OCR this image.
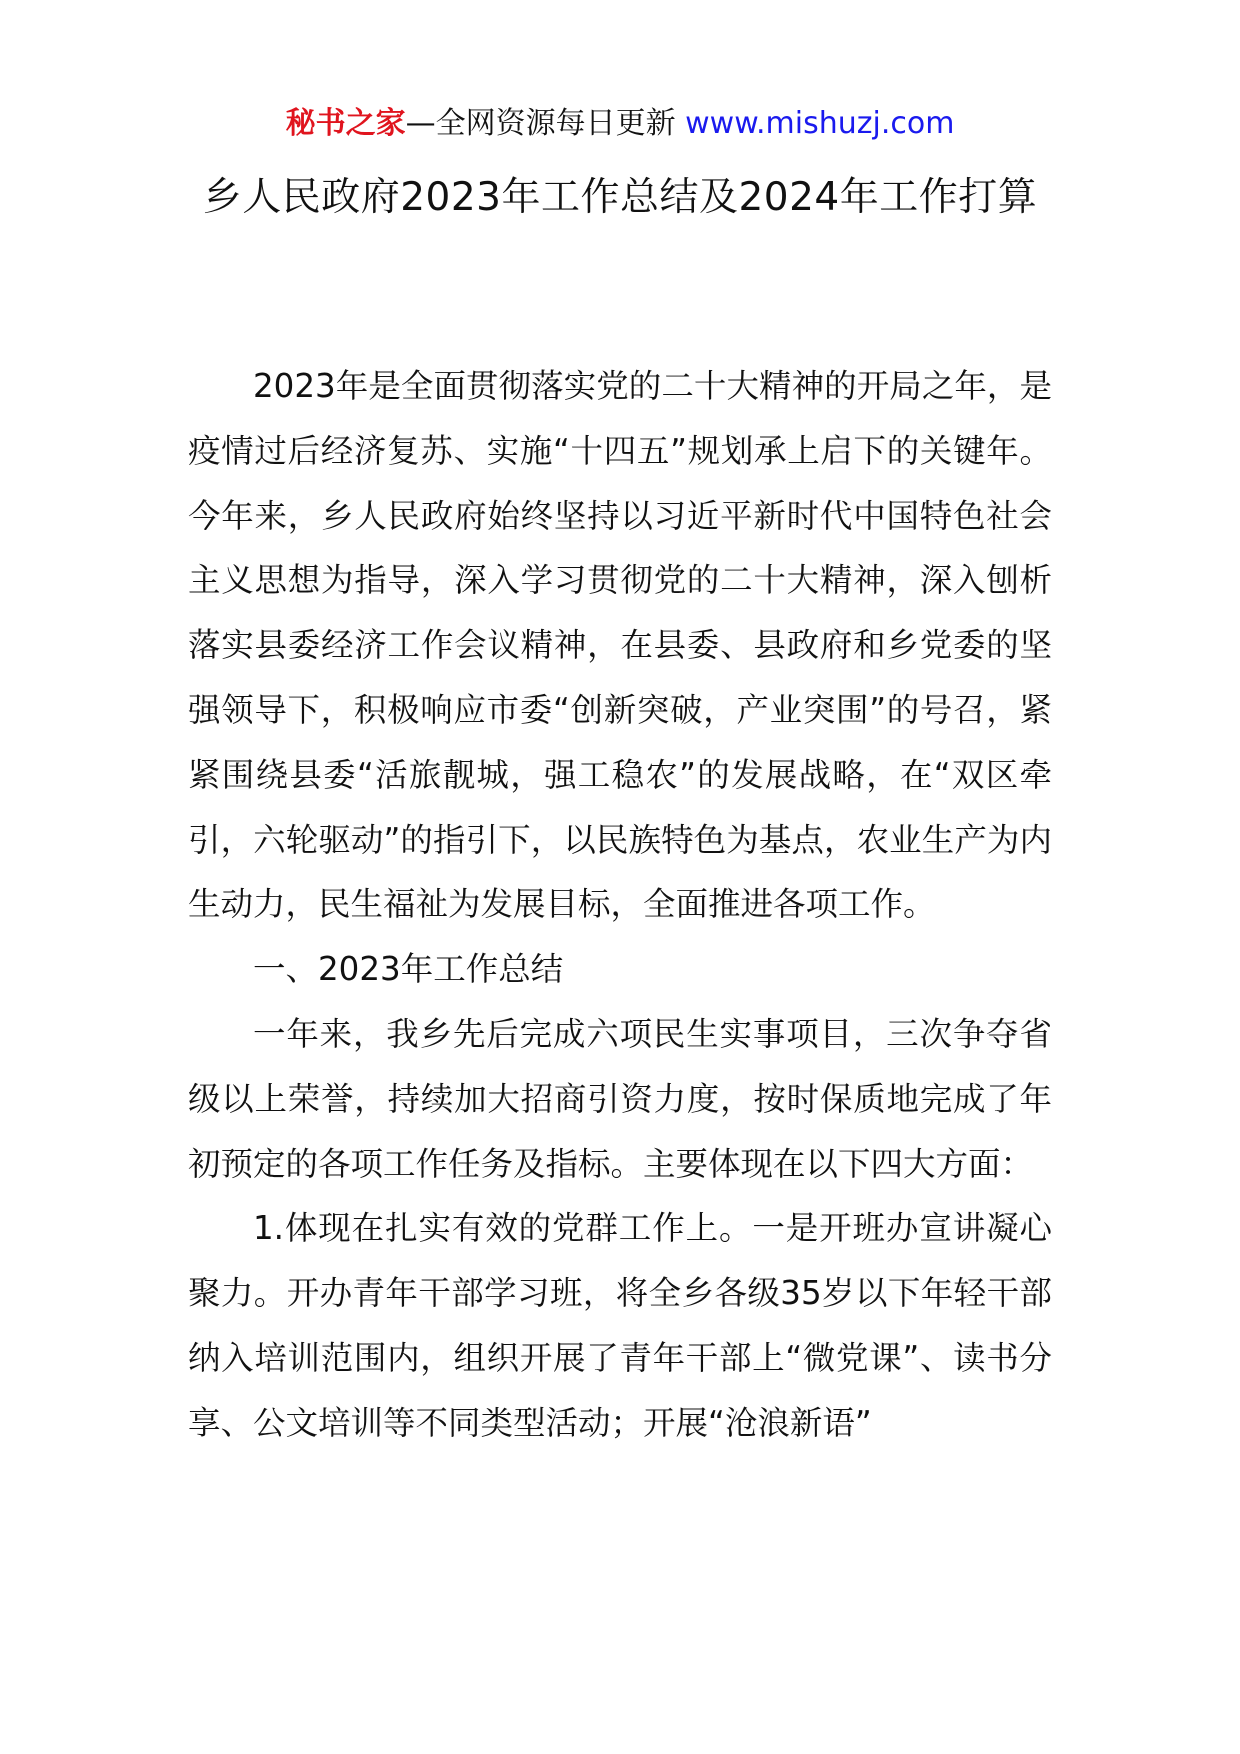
秘书之家—全网资源每日更新 www.mishuzj.com
乡人民政府2023年工作总结及2024年工作打算

2023年是全面贯彻落实党的二十大精神的开局之年，是疫情过后经济复苏、实施“十四五”规划承上启下的关键年。今年来，乡人民政府始终坚持以习近平新时代中国特色社会主义思想为指导，深入学习贯彻党的二十大精神，深入刨析落实县委经济工作会议精神，在县委、县政府和乡党委的坚强领导下，积极响应市委“创新突破，产业突围”的号召，紧紧围绕县委“活旅靓城，强工稳农”的发展战略，在“双区牵引，六轮驱动”的指引下，以民族特色为基点，农业生产为内生动力，民生福祉为发展目标，全面推进各项工作。

一、2023年工作总结

一年来，我乡先后完成六项民生实事项目，三次争夺省级以上荣誉，持续加大招商引资力度，按时保质地完成了年初预定的各项工作任务及指标。主要体现在以下四大方面：

1.体现在扎实有效的党群工作上。一是开班办宣讲凝心聚力。开办青年干部学习班，将全乡各级35岁以下年轻干部纳入培训范围内，组织开展了青年干部上“微党课”、读书分享、公文培训等不同类型活动；开展“沧浪新语”
